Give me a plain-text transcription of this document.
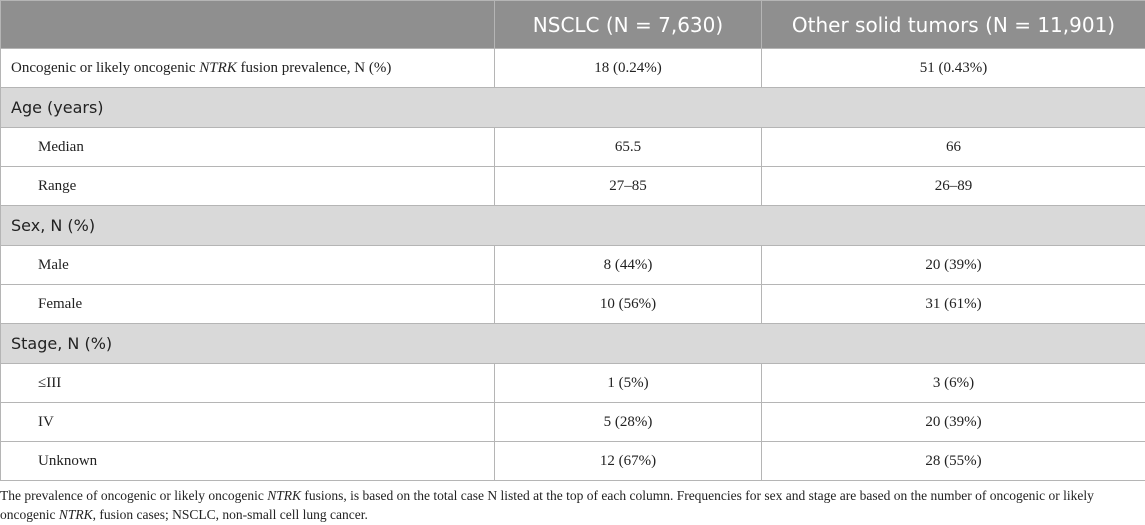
	NSCLC (N = 7,630)	Other solid tumors (N = 11,901)
Oncogenic or likely oncogenic NTRK fusion prevalence, N (%)	18 (0.24%)	51 (0.43%)
Age (years)		
Median	65.5	66
Range	27–85	26–89
Sex, N (%)		
Male	8 (44%)	20 (39%)
Female	10 (56%)	31 (61%)
Stage, N (%)		
≤III	1 (5%)	3 (6%)
IV	5 (28%)	20 (39%)
Unknown	12 (67%)	28 (55%)
The prevalence of oncogenic or likely oncogenic NTRK fusions, is based on the total case N listed at the top of each column. Frequencies for sex and stage are based on the number of oncogenic or likely oncogenic NTRK, fusion cases; NSCLC, non-small cell lung cancer.
